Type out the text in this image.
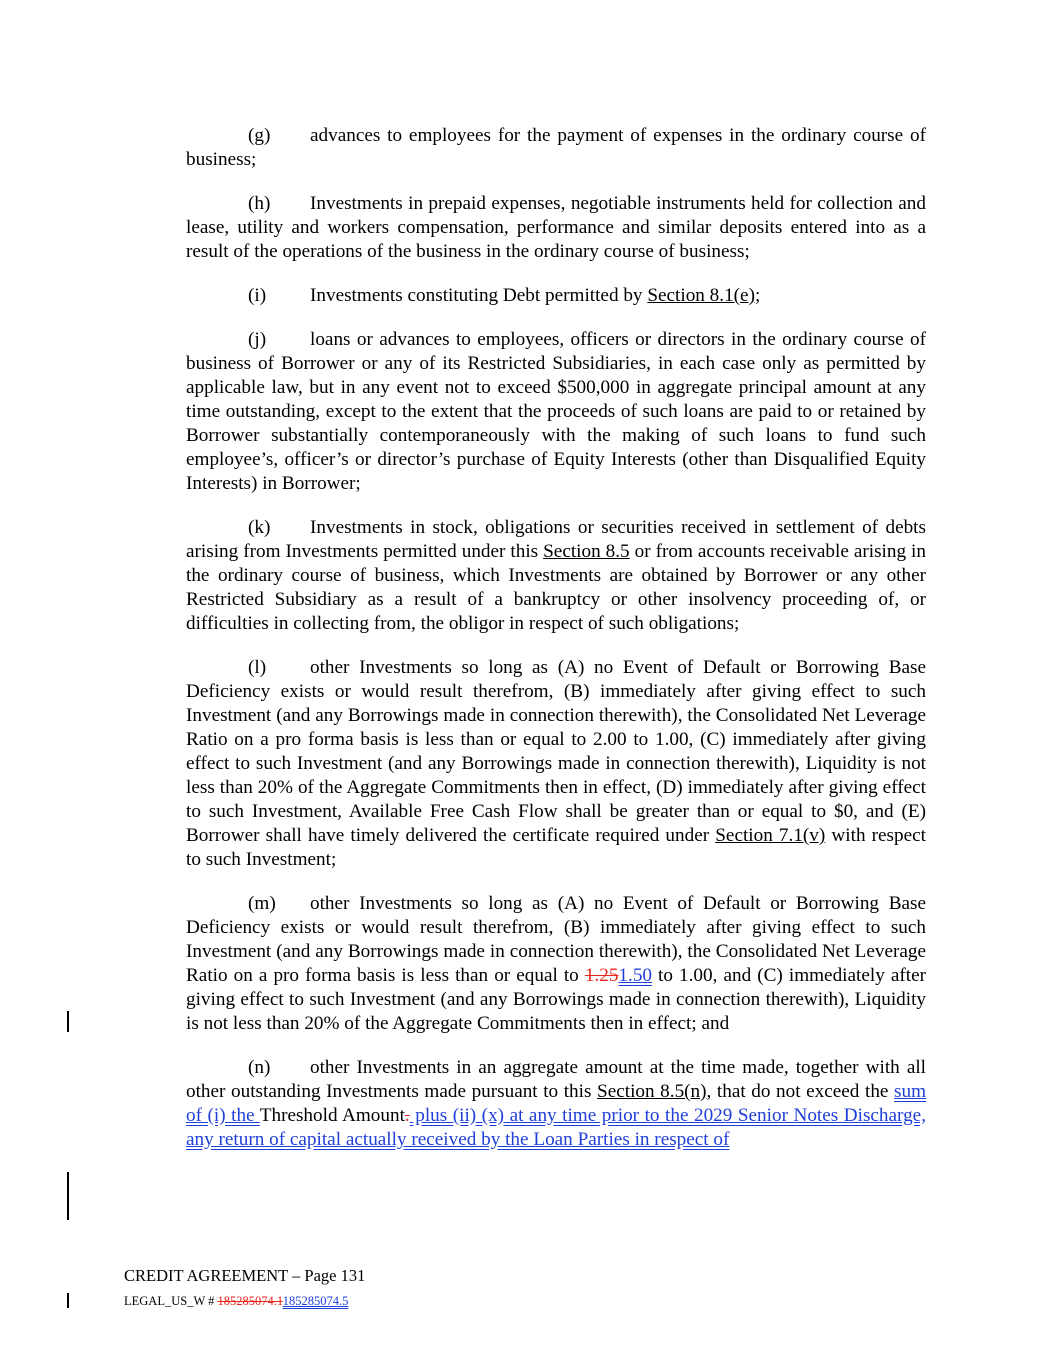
(g) advances to employees for the payment of expenses in the ordinary course of business;

(h) Investments in prepaid expenses, negotiable instruments held for collection and lease, utility and workers compensation, performance and similar deposits entered into as a result of the operations of the business in the ordinary course of business;

(i) Investments constituting Debt permitted by Section 8.1(e);

(j) loans or advances to employees, officers or directors in the ordinary course of business of Borrower or any of its Restricted Subsidiaries, in each case only as permitted by applicable law, but in any event not to exceed $500,000 in aggregate principal amount at any time outstanding, except to the extent that the proceeds of such loans are paid to or retained by Borrower substantially contemporaneously with the making of such loans to fund such employee’s, officer’s or director’s purchase of Equity Interests (other than Disqualified Equity Interests) in Borrower;

(k) Investments in stock, obligations or securities received in settlement of debts arising from Investments permitted under this Section 8.5 or from accounts receivable arising in the ordinary course of business, which Investments are obtained by Borrower or any other Restricted Subsidiary as a result of a bankruptcy or other insolvency proceeding of, or difficulties in collecting from, the obligor in respect of such obligations;

(l) other Investments so long as (A) no Event of Default or Borrowing Base Deficiency exists or would result therefrom, (B) immediately after giving effect to such Investment (and any Borrowings made in connection therewith), the Consolidated Net Leverage Ratio on a pro forma basis is less than or equal to 2.00 to 1.00, (C) immediately after giving effect to such Investment (and any Borrowings made in connection therewith), Liquidity is not less than 20% of the Aggregate Commitments then in effect, (D) immediately after giving effect to such Investment, Available Free Cash Flow shall be greater than or equal to $0, and (E) Borrower shall have timely delivered the certificate required under Section 7.1(v) with respect to such Investment;

(m) other Investments so long as (A) no Event of Default or Borrowing Base Deficiency exists or would result therefrom, (B) immediately after giving effect to such Investment (and any Borrowings made in connection therewith), the Consolidated Net Leverage Ratio on a pro forma basis is less than or equal to 1.251.50 to 1.00, and (C) immediately after giving effect to such Investment (and any Borrowings made in connection therewith), Liquidity is not less than 20% of the Aggregate Commitments then in effect; and

(n) other Investments in an aggregate amount at the time made, together with all other outstanding Investments made pursuant to this Section 8.5(n), that do not exceed the sum of (i) the Threshold Amount. plus (ii) (x) at any time prior to the 2029 Senior Notes Discharge, any return of capital actually received by the Loan Parties in respect of

CREDIT AGREEMENT – Page 131
LEGAL_US_W # 185285074.1185285074.5
